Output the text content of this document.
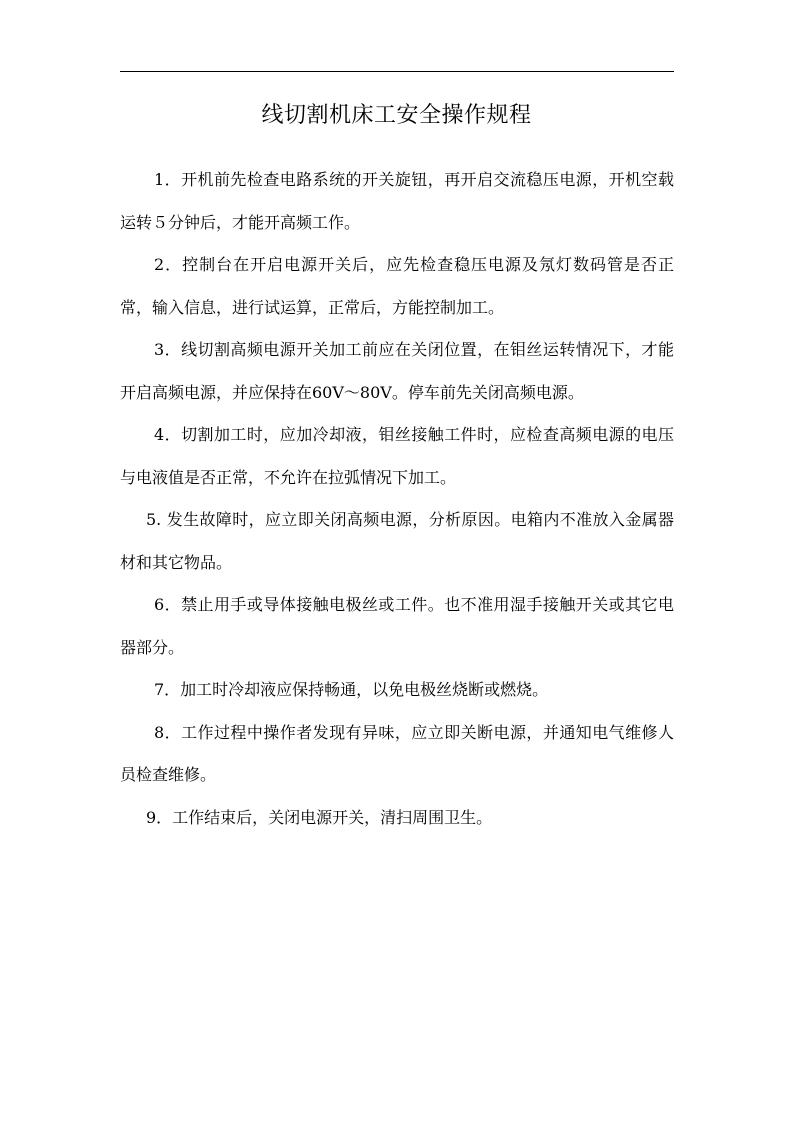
线切割机床工安全操作规程

1．开机前先检查电路系统的开关旋钮，再开启交流稳压电源，开机空载运转５分钟后，才能开高频工作。

2．控制台在开启电源开关后，应先检查稳压电源及氖灯数码管是否正常，输入信息，进行试运算，正常后，方能控制加工。

3．线切割高频电源开关加工前应在关闭位置，在钼丝运转情况下，才能开启高频电源，并应保持在60V～80V。停车前先关闭高频电源。

4．切割加工时，应加冷却液，钼丝接触工件时，应检查高频电源的电压与电液值是否正常，不允许在拉弧情况下加工。

5. 发生故障时，应立即关闭高频电源，分析原因。电箱内不准放入金属器材和其它物品。

6．禁止用手或导体接触电极丝或工件。也不准用湿手接触开关或其它电器部分。

7．加工时冷却液应保持畅通，以免电极丝烧断或燃烧。

8．工作过程中操作者发现有异味，应立即关断电源，并通知电气维修人员检查维修。

9．工作结束后，关闭电源开关，清扫周围卫生。
